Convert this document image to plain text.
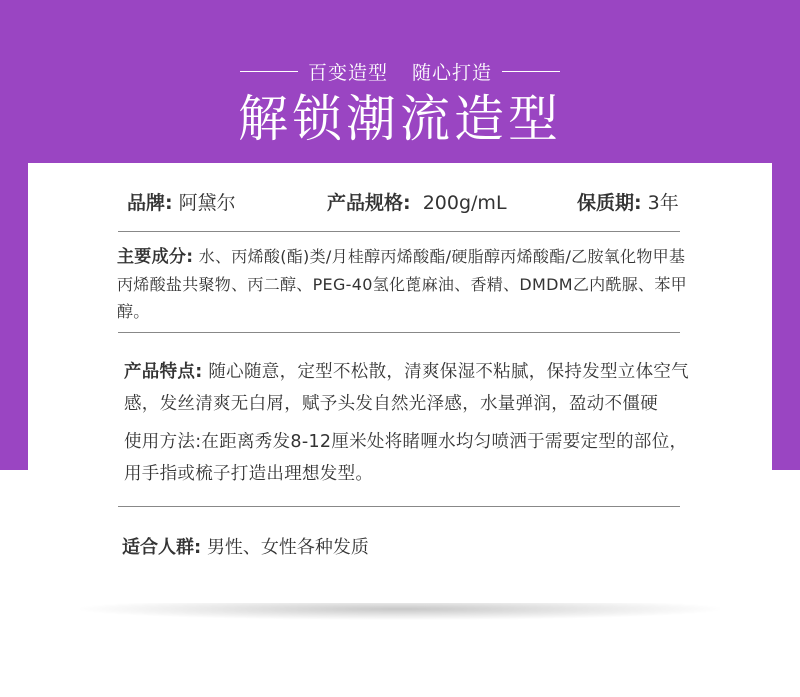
百变造型 随心打造
解锁潮流造型
品牌: 阿黛尔	产品规格: 200g/mL	保质期: 3年
主要成分: 水、丙烯酸(酯)类/月桂醇丙烯酸酯/硬脂醇丙烯酸酯/乙胺氧化物甲基丙烯酸盐共聚物、丙二醇、PEG-40氢化蓖麻油、香精、DMDM乙内酰脲、苯甲醇。
产品特点: 随心随意，定型不松散，清爽保湿不粘腻，保持发型立体空气感，发丝清爽无白屑，赋予头发自然光泽感，水量弹润，盈动不僵硬
使用方法:在距离秀发8-12厘米处将睹喱水均匀喷洒于需要定型的部位，用手指或梳子打造出理想发型。
适合人群: 男性、女性各种发质
